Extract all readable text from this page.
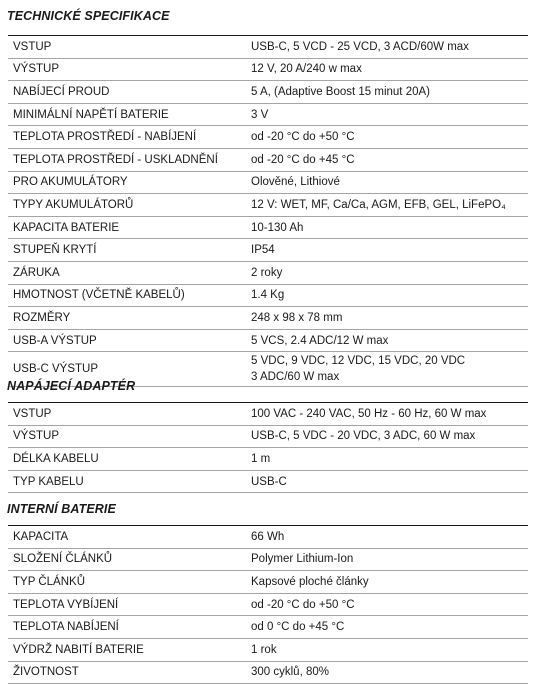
TECHNICKÉ SPECIFIKACE
VSTUP	USB-C, 5 VCD - 25 VCD, 3 ACD/60W max
VÝSTUP	12 V, 20 A/240 w max
NABÍJECÍ PROUD	5 A, (Adaptive Boost 15 minut 20A)
MINIMÁLNÍ NAPĚTÍ BATERIE	3 V
TEPLOTA PROSTŘEDÍ - NABÍJENÍ	od -20 °C do +50 °C
TEPLOTA PROSTŘEDÍ - USKLADNĚNÍ	od -20 °C do +45 °C
PRO AKUMULÁTORY	Olověné, Lithiové
TYPY AKUMULÁTORŮ	12 V: WET, MF, Ca/Ca, AGM, EFB, GEL, LiFePO₄
KAPACITA BATERIE	10-130 Ah
STUPEŇ KRYTÍ	IP54
ZÁRUKA	2 roky
HMOTNOST (VČETNĚ KABELŮ)	1.4 Kg
ROZMĚRY	248 x 98 x 78 mm
USB-A VÝSTUP	5 VCS, 2.4 ADC/12 W max
USB-C VÝSTUP	5 VDC, 9 VDC, 12 VDC, 15 VDC, 20 VDC
3 ADC/60 W max
NAPÁJECÍ ADAPTÉR
VSTUP	100 VAC - 240 VAC, 50 Hz - 60 Hz, 60 W max
VÝSTUP	USB-C, 5 VDC - 20 VDC, 3 ADC, 60 W max
DÉLKA KABELU	1 m
TYP KABELU	USB-C
INTERNÍ BATERIE
KAPACITA	66 Wh
SLOŽENÍ ČLÁNKŮ	Polymer Lithium-Ion
TYP ČLÁNKŮ	Kapsové ploché články
TEPLOTA VYBÍJENÍ	od -20 °C do +50 °C
TEPLOTA NABÍJENÍ	od 0 °C do +45 °C
VÝDRŽ NABITÍ BATERIE	1 rok
ŽIVOTNOST	300 cyklů, 80%
